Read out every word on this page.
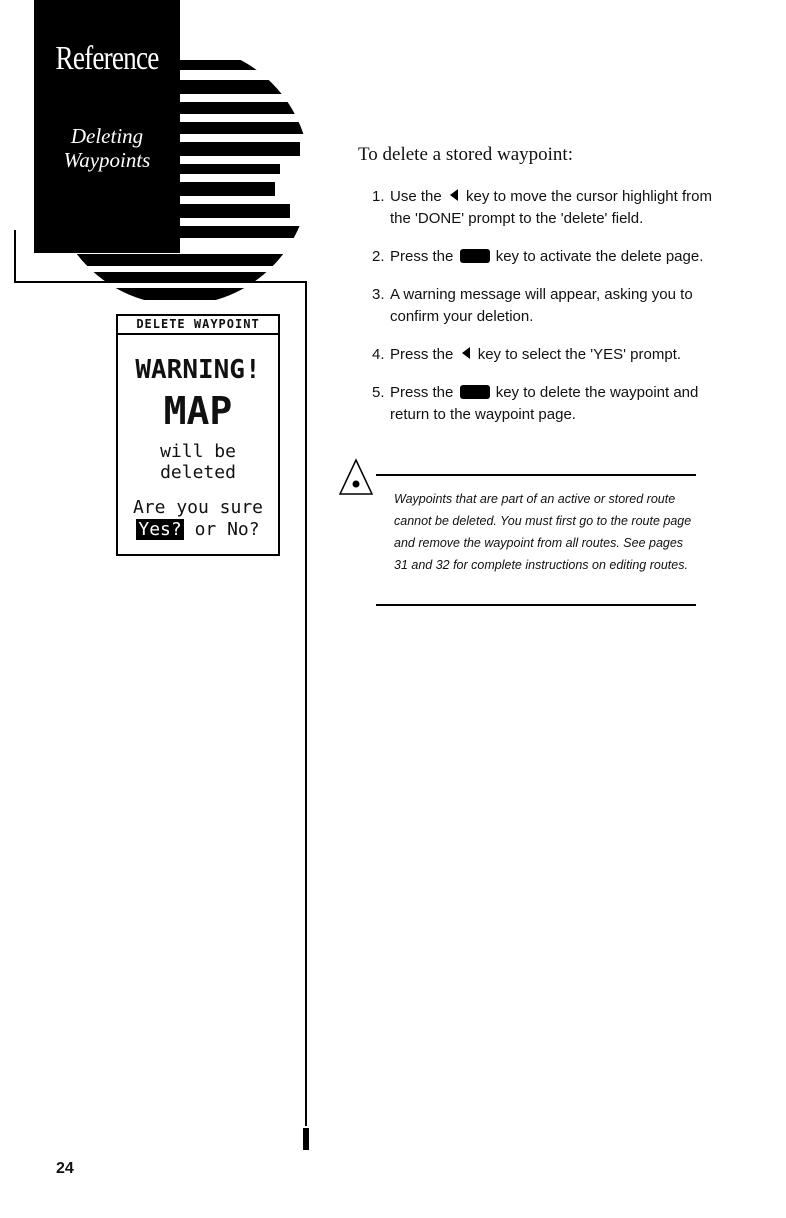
Reference
Deleting
Waypoints
DELETE WAYPOINT
WARNING!
MAP
will be deleted
Are you sure
Yes? or No?
To delete a stored waypoint:
1. Use the key to move the cursor highlight from the 'DONE' prompt to the 'delete' field.
2. Press the	key to activate the delete page.
3. A warning message will appear, asking you to confirm your deletion.
4. Press the key to select the 'YES' prompt.
5. Press the	key to delete the waypoint and return to the waypoint page.
Waypoints that are part of an active or stored route cannot be deleted. You must first go to the route page and remove the waypoint from all routes. See pages 31 and 32 for complete instructions on editing routes.
24
